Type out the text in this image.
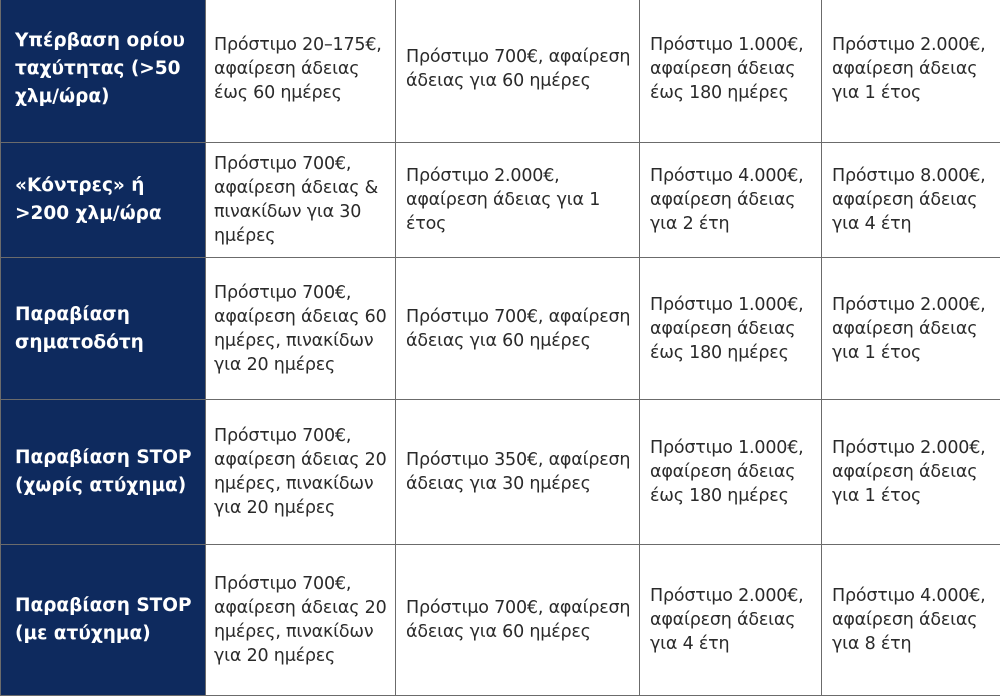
Υπέρβαση ορίου ταχύτητας (>50 χλμ/ώρα)	Πρόστιμο 20–175€, αφαίρεση άδειας έως 60 ημέρες	Πρόστιμο 700€, αφαίρεση άδειας για 60 ημέρες	Πρόστιμο 1.000€, αφαίρεση άδειας έως 180 ημέρες	Πρόστιμο 2.000€, αφαίρεση άδειας για 1 έτος
«Κόντρες» ή >200 χλμ/ώρα	Πρόστιμο 700€, αφαίρεση άδειας & πινακίδων για 30 ημέρες	Πρόστιμο 2.000€, αφαίρεση άδειας για 1 έτος	Πρόστιμο 4.000€, αφαίρεση άδειας για 2 έτη	Πρόστιμο 8.000€, αφαίρεση άδειας για 4 έτη
Παραβίαση σηματοδότη	Πρόστιμο 700€, αφαίρεση άδειας 60 ημέρες, πινακίδων για 20 ημέρες	Πρόστιμο 700€, αφαίρεση άδειας για 60 ημέρες	Πρόστιμο 1.000€, αφαίρεση άδειας έως 180 ημέρες	Πρόστιμο 2.000€, αφαίρεση άδειας για 1 έτος
Παραβίαση STOP (χωρίς ατύχημα)	Πρόστιμο 700€, αφαίρεση άδειας 20 ημέρες, πινακίδων για 20 ημέρες	Πρόστιμο 350€, αφαίρεση άδειας για 30 ημέρες	Πρόστιμο 1.000€, αφαίρεση άδειας έως 180 ημέρες	Πρόστιμο 2.000€, αφαίρεση άδειας για 1 έτος
Παραβίαση STOP (με ατύχημα)	Πρόστιμο 700€, αφαίρεση άδειας 20 ημέρες, πινακίδων για 20 ημέρες	Πρόστιμο 700€, αφαίρεση άδειας για 60 ημέρες	Πρόστιμο 2.000€, αφαίρεση άδειας για 4 έτη	Πρόστιμο 4.000€, αφαίρεση άδειας για 8 έτη
